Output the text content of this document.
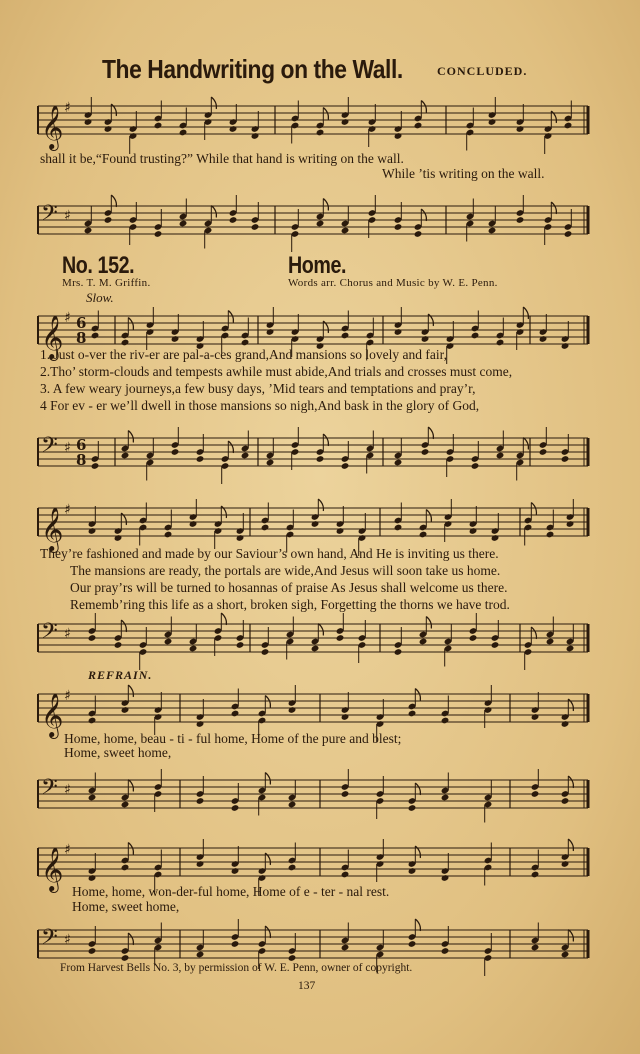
The Handwriting on the Wall.	CONCLUDED.
𝄞 ♯
shall it be,“Found trusting?” While that hand is writing on the wall.
While ’tis writing on the wall.
𝄢 ♯
No. 152.	Home.
Mrs. T. M. Griffin.	Words arr. Chorus and Music by W. E. Penn.
Slow.
𝄞 ♯ 6
8
1. Just o-ver the riv-er are pal-a-ces grand,And mansions so lovely and fair,
2.Tho’ storm-clouds and tempests awhile must abide,And trials and crosses must come,
3. A few weary journeys,a few busy days, ’Mid tears and temptations and pray’r,
4 For ev - er we’ll dwell in those mansions so nigh,And bask in the glory of God,
𝄢 ♯ 6
8
𝄞 ♯
They’re fashioned and made by our Saviour’s own hand, And He is inviting us there.
The mansions are ready, the portals are wide,And Jesus will soon take us home.
Our pray’rs will be turned to hosannas of praise As Jesus shall welcome us there.
Rememb’ring this life as a short, broken sigh, Forgetting the thorns we have trod.
𝄢 ♯
REFRAIN.
𝄞 ♯
Home, home, beau - ti - ful home, Home of the pure and blest;
Home, sweet home,
𝄢 ♯
𝄞 ♯
Home, home, won-der-ful home, Home of e - ter - nal rest.
Home, sweet home,
𝄢 ♯
From Harvest Bells No. 3, by permission of W. E. Penn, owner of copyright.
137
